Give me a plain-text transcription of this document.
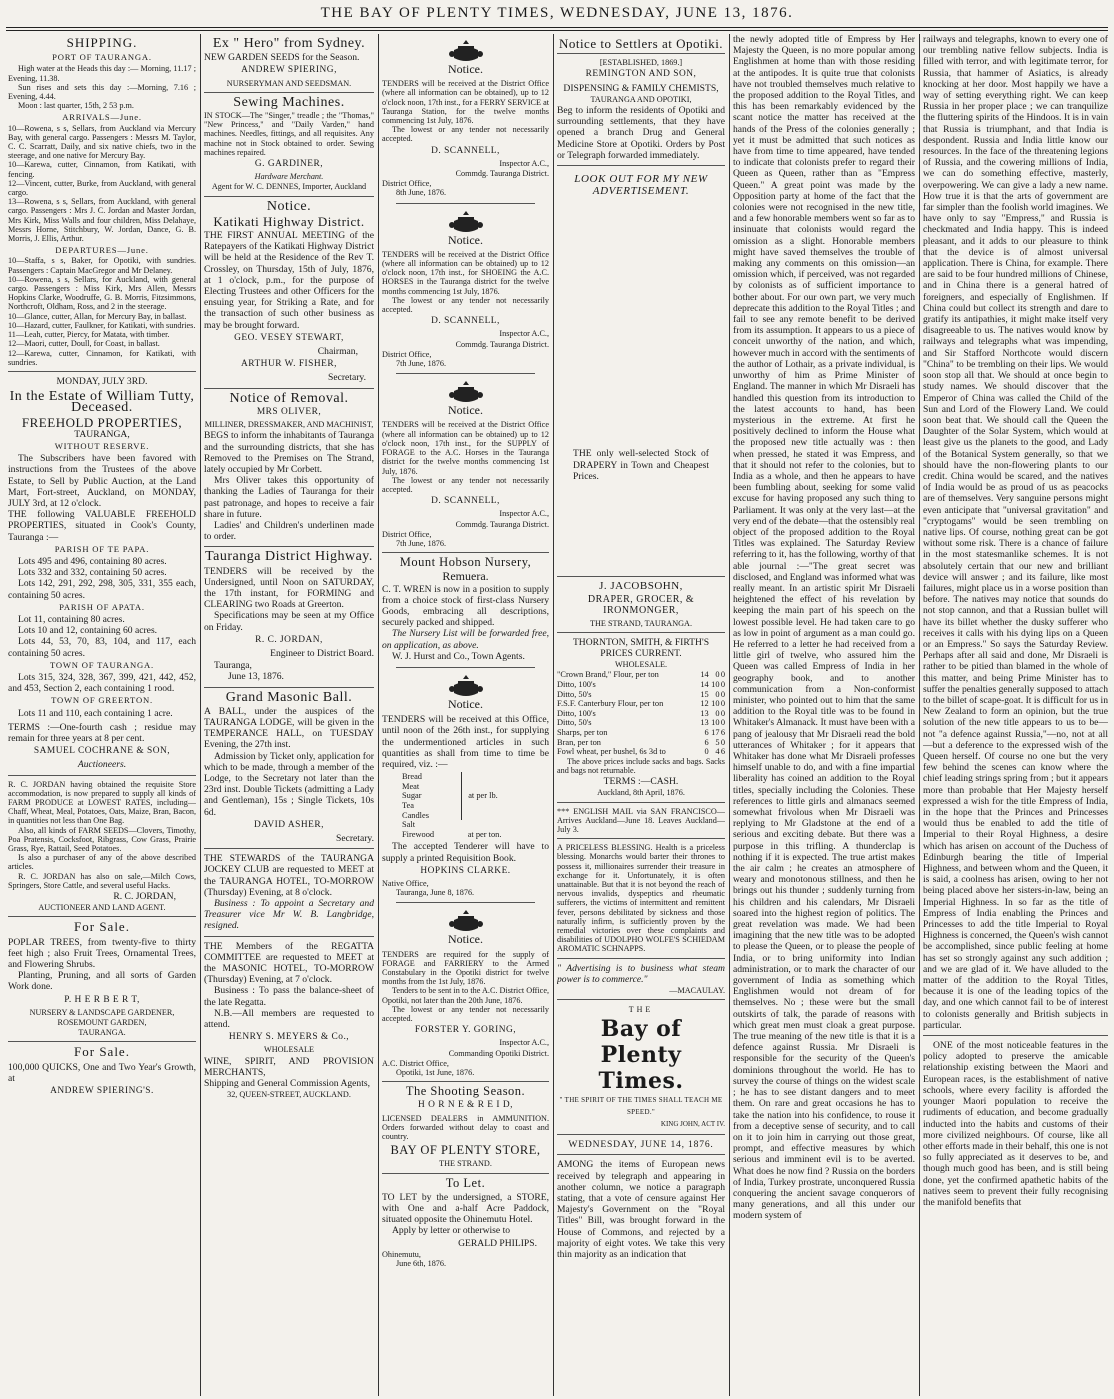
THE BAY OF PLENTY TIMES, WEDNESDAY, JUNE 13, 1876.
SHIPPING.
PORT OF TAURANGA.

High water at the Heads this day :— Morning, 11.17 ; Evening, 11.38.

Sun rises and sets this day :—Morning, 7.16 ; Evening, 4.44.

Moon : last quarter, 15th, 2 53 p.m.

ARRIVALS—June.

10—Rowena, s s, Sellars, from Auckland via Mercury Bay, with general cargo. Passengers : Messrs M. Taylor, C. C. Scarratt, Daily, and six native chiefs, two in the steerage, and one native for Mercury Bay.

10—Karewa, cutter, Cinnamon, from Katikati, with fencing.

12—Vincent, cutter, Burke, from Auckland, with general cargo.

13—Rowena, s s, Sellars, from Auckland, with general cargo. Passengers : Mrs J. C. Jordan and Master Jordan, Mrs Kirk, Miss Walls and four children, Miss Delahaye, Messrs Horne, Stitchbury, W. Jordan, Dance, G. B. Morris, J. Ellis, Arthur.

DEPARTURES—June.

10—Staffa, s s, Baker, for Opotiki, with sundries. Passengers : Captain MacGregor and Mr Delaney.

10—Rowena, s s, Sellars, for Auckland, with general cargo. Passengers : Miss Kirk, Mrs Allen, Messrs Hopkins Clarke, Woodruffe, G. B. Morris, Fitzsimmons, Northcroft, Oldham, Ross, and 2 in the steerage.

10—Glance, cutter, Allan, for Mercury Bay, in ballast.

10—Hazard, cutter, Faulkner, for Katikati, with sundries.

11—Leah, cutter, Piercy, for Matata, with timber.

12—Maori, cutter, Doull, for Coast, in ballast.

12—Karewa, cutter, Cinnamon, for Katikati, with sundries.

MONDAY, JULY 3RD.
In the Estate of William Tutty, Deceased.
FREEHOLD PROPERTIES,
TAURANGA,
WITHOUT RESERVE.

The Subscribers have been favored with instructions from the Trustees of the above Estate, to Sell by Public Auction, at the Land Mart, Fort-street, Auckland, on MONDAY, JULY 3rd, at 12 o'clock.

THE following VALUABLE FREEHOLD PROPERTIES, situated in Cook's County, Tauranga :—

PARISH OF TE PAPA.

Lots 495 and 496, containing 80 acres.

Lots 332 and 332, containing 50 acres.

Lots 142, 291, 292, 298, 305, 331, 355 each, containing 50 acres.

PARISH OF APATA.

Lot 11, containing 80 acres.

Lots 10 and 12, containing 60 acres.

Lots 44, 53, 70, 83, 104, and 117, each containing 50 acres.

TOWN OF TAURANGA.

Lots 315, 324, 328, 367, 399, 421, 442, 452, and 453, Section 2, each containing 1 rood.

TOWN OF GREERTON.

Lots 11 and 110, each containing 1 acre.

TERMS :—One-fourth cash ; residue may remain for three years at 8 per cent.

SAMUEL COCHRANE & SON,
Auctioneers.

R. C. JORDAN having obtained the requisite Store accommodation, is now prepared to supply all kinds of FARM PRODUCE at LOWEST RATES, including—Chaff, Wheat, Meal, Potatoes, Oats, Maize, Bran, Bacon, in quantities not less than One Bag.

Also, all kinds of FARM SEEDS—Clovers, Timothy, Poa Pratensis, Cocksfoot, Ribgrass, Cow Grass, Prairie Grass, Rye, Rattail, Seed Potatoes.

Is also a purchaser of any of the above described articles.

R. C. JORDAN has also on sale,—Milch Cows, Springers, Store Cattle, and several useful Hacks.

R. C. JORDAN,
AUCTIONEER AND LAND AGENT.
For Sale.

POPLAR TREES, from twenty-five to thirty feet high ; also Fruit Trees, Ornamental Trees, and Flowering Shrubs.

Planting, Pruning, and all sorts of Garden Work done.

P. H E R B E R T,
NURSERY & LANDSCAPE GARDENER,
ROSEMOUNT GARDEN,
TAURANGA.
For Sale.

100,000 QUICKS, One and Two Year's Growth, at

ANDREW SPIERING'S.
Ex " Hero" from Sydney.

NEW GARDEN SEEDS for the Season.

ANDREW SPIERING,
NURSERYMAN AND SEEDSMAN.
Sewing Machines.

IN STOCK—The "Singer," treadle ; the "Thomas," "New Princess," and "Daily Varden," hand machines. Needles, fittings, and all requisites. Any machine not in Stock obtained to order. Sewing machines repaired.

G. GARDINER,
Hardware Merchant.
Agent for W. C. DENNES, Importer, Auckland
Notice.
Katikati Highway District.

THE FIRST ANNUAL MEETING of the Ratepayers of the Katikati Highway District will be held at the Residence of the Rev T. Crossley, on Thursday, 15th of July, 1876, at 1 o'clock, p.m., for the purpose of Electing Trustees and other Officers for the ensuing year, for Striking a Rate, and for the transaction of such other business as may be brought forward.

GEO. VESEY STEWART,
Chairman,
ARTHUR W. FISHER,
Secretary.
Notice of Removal.
MRS OLIVER,
MILLINER, DRESSMAKER, AND MACHINIST,

BEGS to inform the inhabitants of Tauranga and the surrounding districts, that she has Removed to the Premises on The Strand, lately occupied by Mr Corbett.

Mrs Oliver takes this opportunity of thanking the Ladies of Tauranga for their past patronage, and hopes to receive a fair share in future.

Ladies' and Children's underlinen made to order.

Tauranga District Highway.

TENDERS will be received by the Undersigned, until Noon on SATURDAY, the 17th instant, for FORMING and CLEARING two Roads at Greerton.

Specifications may be seen at my Office on Friday.

R. C. JORDAN,
Engineer to District Board.

Tauranga,

June 13, 1876.

Grand Masonic Ball.

A BALL, under the auspices of the TAURANGA LODGE, will be given in the TEMPERANCE HALL, on TUESDAY Evening, the 27th inst.

Admission by Ticket only, application for which to be made, through a member of the Lodge, to the Secretary not later than the 23rd inst. Double Tickets (admitting a Lady and Gentleman), 15s ; Single Tickets, 10s 6d.

DAVID ASHER,
Secretary.

THE STEWARDS of the TAURANGA JOCKEY CLUB are requested to MEET at the TAURANGA HOTEL, TO-MORROW (Thursday) Evening, at 8 o'clock.

Business : To appoint a Secretary and Treasurer vice Mr W. B. Langbridge, resigned.

THE Members of the REGATTA COMMITTEE are requested to MEET at the MASONIC HOTEL, TO-MORROW (Thursday) Evening, at 7 o'clock.

Business : To pass the balance-sheet of the late Regatta.

N.B.—All members are requested to attend.

HENRY S. MEYERS & Co.,
WHOLESALE

WINE, SPIRIT, AND PROVISION MERCHANTS,

Shipping and General Commission Agents,

32, QUEEN-STREET, AUCKLAND.
Notice.

TENDERS will be received at the District Office (where all information can be obtained), up to 12 o'clock noon, 17th inst., for a FERRY SERVICE at Tauranga Station, for the twelve months commencing 1st July, 1876.

The lowest or any tender not necessarily accepted.

D. SCANNELL,
Inspector A.C.,
Commdg. Tauranga District.
District Office,
8th June, 1876.
Notice.

TENDERS will be received at the District Office (where all information can be obtained) up to 12 o'clock noon, 17th inst., for SHOEING the A.C. HORSES in the Tauranga district for the twelve months commencing 1st July, 1876.

The lowest or any tender not necessarily accepted.

D. SCANNELL,
Inspector A.C.,
Commdg. Tauranga District.
District Office,
7th June, 1876.
Notice.

TENDERS will be received at the District Office (where all information can be obtained) up to 12 o'clock noon, 17th inst., for the SUPPLY of FORAGE to the A.C. Horses in the Tauranga district for the twelve months commencing 1st July, 1876.

The lowest or any tender not necessarily accepted.

D. SCANNELL,
Inspector A.C.,
Commdg. Tauranga District.
District Office,
7th June, 1876.
Mount Hobson Nursery,
Remuera.

C. T. WREN is now in a position to supply from a choice stock of first-class Nursery Goods, embracing all descriptions, securely packed and shipped.

The Nursery List will be forwarded free, on application, as above.

W. J. Hurst and Co., Town Agents.

Notice.

TENDERS will be received at this Office, until noon of the 26th inst., for supplying the undermentioned articles in such quantities as shall from time to time be required, viz. :—

Bread	at per lb.
Meat	
Sugar	
Tea	
Candles	
Salt	
Firewood	at per ton.

The accepted Tenderer will have to supply a printed Requisition Book.

HOPKINS CLARKE.
Native Office,
Tauranga, June 8, 1876.
Notice.

TENDERS are required for the supply of FORAGE and FARRIERY to the Armed Constabulary in the Opotiki district for twelve months from the 1st July, 1876.

Tenders to be sent in to the A.C. District Office, Opotiki, not later than the 20th June, 1876.

The lowest or any tender not necessarily accepted.

FORSTER Y. GORING,
Inspector A.C.,
Commanding Opotiki District.
A.C. District Office,
Opotiki, 1st June, 1876.
The Shooting Season.
H O R N E & R E I D,

LICENSED DEALERS in AMMUNITION. Orders forwarded without delay to coast and country.

BAY OF PLENTY STORE,
THE STRAND.
To Let.

TO LET by the undersigned, a STORE, with One and a-half Acre Paddock, situated opposite the Ohinemutu Hotel.

Apply by letter or otherwise to

GERALD PHILIPS.
Ohinemutu,
June 6th, 1876.
Notice to Settlers at Opotiki.
[ESTABLISHED, 1869.]
REMINGTON AND SON,
DISPENSING & FAMILY CHEMISTS,
TAURANGA AND OPOTIKI,

Beg to inform the residents of Opotiki and surrounding settlements, that they have opened a branch Drug and General Medicine Store at Opotiki. Orders by Post or Telegraph forwarded immediately.

LOOK OUT FOR MY NEW
ADVERTISEMENT.

THE only well-selected Stock of DRAPERY in Town and Cheapest Prices.

J. JACOBSOHN,
DRAPER, GROCER, & IRONMONGER,
THE STRAND, TAURANGA.
THORNTON, SMITH, & FIRTH'S PRICES CURRENT.
WHOLESALE.
"Crown Brand," Flour, per ton	14	0	0
Ditto, 100's	14	10	0
Ditto, 50's	15	0	0
F.S.F. Canterbury Flour, per ton	12	10	0
Ditto, 100's	13	0	0
Ditto, 50's	13	10	0
Sharps, per ton	6	17	6
Bran, per ton	6	5	0
Fowl wheat, per bushel, 6s 3d to	0	4	6

The above prices include sacks and bags. Sacks and bags not returnable.

TERMS :—CASH.
Auckland, 8th April, 1876.

*** ENGLISH MAIL via SAN FRANCISCO— Arrives Auckland—June 18. Leaves Auckland—July 3.

A PRICELESS BLESSING. Health is a priceless blessing. Monarchs would barter their thrones to possess it, millionaires surrender their treasure in exchange for it. Unfortunately, it is often unattainable. But that it is not beyond the reach of nervous invalids, dyspeptics and rheumatic sufferers, the victims of intermittent and remittent fever, persons debilitated by sickness and those naturally infirm, is sufficiently proven by the remedial victories over these complaints and disabilities of UDOLPHO WOLFE'S SCHIEDAM AROMATIC SCHNAPPS.

" Advertising is to business what steam power is to commerce."

—MACAULAY.
THE
Bay of Plenty Times.
" THE SPIRIT OF THE TIMES SHALL TEACH ME SPEED."
KING JOHN, ACT IV.
WEDNESDAY, JUNE 14, 1876.

AMONG the items of European news received by telegraph and appearing in another column, we notice a paragraph stating, that a vote of censure against Her Majesty's Government on the "Royal Titles" Bill, was brought forward in the House of Commons, and rejected by a majority of eight votes. We take this very thin majority as an indication that

the newly adopted title of Empress by Her Majesty the Queen, is no more popular among Englishmen at home than with those residing at the antipodes. It is quite true that colonists have not troubled themselves much relative to the proposed addition to the Royal Titles, and this has been remarkably evidenced by the scant notice the matter has received at the hands of the Press of the colonies generally ; yet it must be admitted that such notices as have from time to time appeared, have tended to indicate that colonists prefer to regard their Queen as Queen, rather than as "Empress Queen." A great point was made by the Opposition party at home of the fact that the colonies were not recognised in the new title, and a few honorable members went so far as to insinuate that colonists would regard the omission as a slight. Honorable members might have saved themselves the trouble of making any comments on this omission—an omission which, if perceived, was not regarded by colonists as of sufficient importance to bother about. For our own part, we very much deprecate this addition to the Royal Titles ; and fail to see any remote benefit to be derived from its assumption. It appears to us a piece of conceit unworthy of the nation, and which, however much in accord with the sentiments of the author of Lothair, as a private individual, is unworthy of him as Prime Minister of England. The manner in which Mr Disraeli has handled this question from its introduction to the latest accounts to hand, has been mysterious in the extreme. At first he positively declined to inform the House what the proposed new title actually was : then when pressed, he stated it was Empress, and that it should not refer to the colonies, but to India as a whole, and then he appears to have been fumbling about, seeking for some valid excuse for having proposed any such thing to Parliament. It was only at the very last—at the very end of the debate—that the ostensibly real object of the proposed addition to the Royal Titles was explained. The Saturday Review referring to it, has the following, worthy of that able journal :—"The great secret was disclosed, and England was informed what was really meant. In an artistic spirit Mr Disraeli heightened the effect of his revelation by keeping the main part of his speech on the lowest possible level. He had taken care to go as low in point of argument as a man could go. He referred to a letter he had received from a little girl of twelve, who assured him the Queen was called Empress of India in her geography book, and to another communication from a Non-conformist minister, who pointed out to him that the same addition to the Royal title was to be found in Whitaker's Almanack. It must have been with a pang of jealousy that Mr Disraeli read the bold utterances of Whitaker ; for it appears that Whitaker has done what Mr Disraeli professes himself unable to do, and with a fine impartial liberality has coined an addition to the Royal titles, specially including the Colonies. These references to little girls and almanacs seemed somewhat frivolous when Mr Disraeli was replying to Mr Gladstone at the end of a serious and exciting debate. But there was a purpose in this trifling. A thunderclap is nothing if it is expected. The true artist makes the air calm ; he creates an atmosphere of weary and monotonous stillness, and then he brings out his thunder ; suddenly turning from his children and his calendars, Mr Disraeli soared into the highest region of politics. The great revelation was made. We had been imagining that the new title was to be adopted to please the Queen, or to please the people of India, or to bring uniformity into Indian administration, or to mark the character of our government of India as something which Englishmen would not dream of for themselves. No ; these were but the small outskirts of talk, the parade of reasons with which great men must cloak a great purpose. The true meaning of the new title is that it is a defence against Russia. Mr Disraeli is responsible for the security of the Queen's dominions throughout the world. He has to survey the course of things on the widest scale ; he has to see distant dangers and to meet them. On rare and great occasions he has to take the nation into his confidence, to rouse it from a deceptive sense of security, and to call on it to join him in carrying out those great, prompt, and effective measures by which serious and imminent evil is to be averted. What does he now find ? Russia on the borders of India, Turkey prostrate, unconquered Russia conquering the ancient savage conquerors of many generations, and all this under our modern system of

railways and telegraphs, known to every one of our trembling native fellow subjects. India is filled with terror, and with legitimate terror, for Russia, that hammer of Asiatics, is already knocking at her door. Most happily we have a way of setting everything right. We can keep Russia in her proper place ; we can tranquilize the fluttering spirits of the Hindoos. It is in vain that Russia is triumphant, and that India is despondent. Russia and India little know our resources. In the face of the threatening legions of Russia, and the cowering millions of India, we can do something effective, masterly, overpowering. We can give a lady a new name. How true it is that the arts of government are far simpler than the foolish world imagines. We have only to say "Empress," and Russia is checkmated and India happy. This is indeed pleasant, and it adds to our pleasure to think that the device is of almost universal application. There is China, for example. There are said to be four hundred millions of Chinese, and in China there is a general hatred of foreigners, and especially of Englishmen. If China could but collect its strength and dare to gratify its antipathies, it might make itself very disagreeable to us. The natives would know by railways and telegraphs what was impending, and Sir Stafford Northcote would discern "China" to be trembling on their lips. We would soon stop all that. We should at once begin to study names. We should discover that the Emperor of China was called the Child of the Sun and Lord of the Flowery Land. We could soon beat that. We should call the Queen the Daughter of the Solar System, which would at least give us the planets to the good, and Lady of the Botanical System generally, so that we should have the non-flowering plants to our credit. China would be scared, and the natives of India would be as proud of us as peacocks are of themselves. Very sanguine persons might even anticipate that "universal gravitation" and "cryptogams" would be seen trembling on native lips. Of course, nothing great can be got without some risk. There is a chance of failure in the most statesmanlike schemes. It is not absolutely certain that our new and brilliant device will answer ; and its failure, like most failures, might place us in a worse position than before. The natives may notice that sounds do not stop cannon, and that a Russian bullet will have its billet whether the dusky sufferer who receives it calls with his dying lips on a Queen or an Empress." So says the Saturday Review. Perhaps after all said and done, Mr Disraeli is rather to be pitied than blamed in the whole of this matter, and being Prime Minister has to suffer the penalties generally supposed to attach to the billet of scape-goat. It is difficult for us in New Zealand to form an opinion, but the true solution of the new title appears to us to be—not "a defence against Russia,"—no, not at all—but a deference to the expressed wish of the Queen herself. Of course no one but the very few behind the scenes can know where the chief leading strings spring from ; but it appears more than probable that Her Majesty herself expressed a wish for the title Empress of India, in the hope that the Princes and Princesses would thus be enabled to add the title of Imperial to their Royal Highness, a desire which has arisen on account of the Duchess of Edinburgh bearing the title of Imperial Highness, and between whom and the Queen, it is said, a coolness has arisen, owing to her not being placed above her sisters-in-law, being an Imperial Highness. In so far as the title of Empress of India enabling the Princes and Princesses to add the title Imperial to Royal Highness is concerned, the Queen's wish cannot be accomplished, since public feeling at home has set so strongly against any such addition ; and we are glad of it. We have alluded to the matter of the addition to the Royal Titles, because it is one of the leading topics of the day, and one which cannot fail to be of interest to colonists generally and British subjects in particular.

ONE of the most noticeable features in the policy adopted to preserve the amicable relationship existing between the Maori and European races, is the establishment of native schools, where every facility is afforded the younger Maori population to receive the rudiments of education, and become gradually inducted into the habits and customs of their more civilized neighbours. Of course, like all other efforts made in their behalf, this one is not so fully appreciated as it deserves to be, and though much good has been, and is still being done, yet the confirmed apathetic habits of the natives seem to prevent their fully recognising the manifold benefits that
